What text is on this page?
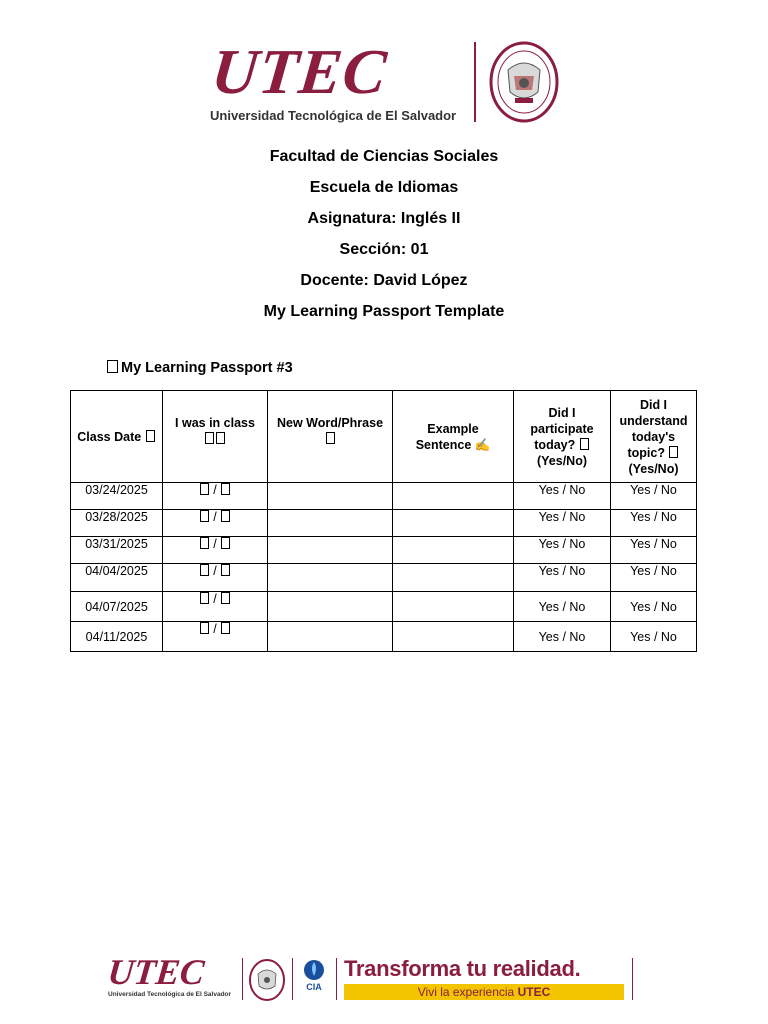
UTEC
Universidad Tecnológica de El Salvador
Facultad de Ciencias Sociales
Escuela de Idiomas
Asignatura: Inglés II
Sección: 01
Docente: David López
My Learning Passport Template
My Learning Passport #3
Class Date	I was in class	New Word/Phrase	Example Sentence ✍	Did I participate today?  (Yes/No)	Did I understand today's topic?  (Yes/No)

03/24/2025	/			Yes / No	Yes / No
03/28/2025	/			Yes / No	Yes / No
03/31/2025	/			Yes / No	Yes / No
04/04/2025	/			Yes / No	Yes / No
04/07/2025	/			Yes / No	Yes / No
04/11/2025	/			Yes / No	Yes / No
UTEC
Universidad Tecnológica de El Salvador
CIA
Transforma tu realidad.
Vivi la experiencia UTEC
